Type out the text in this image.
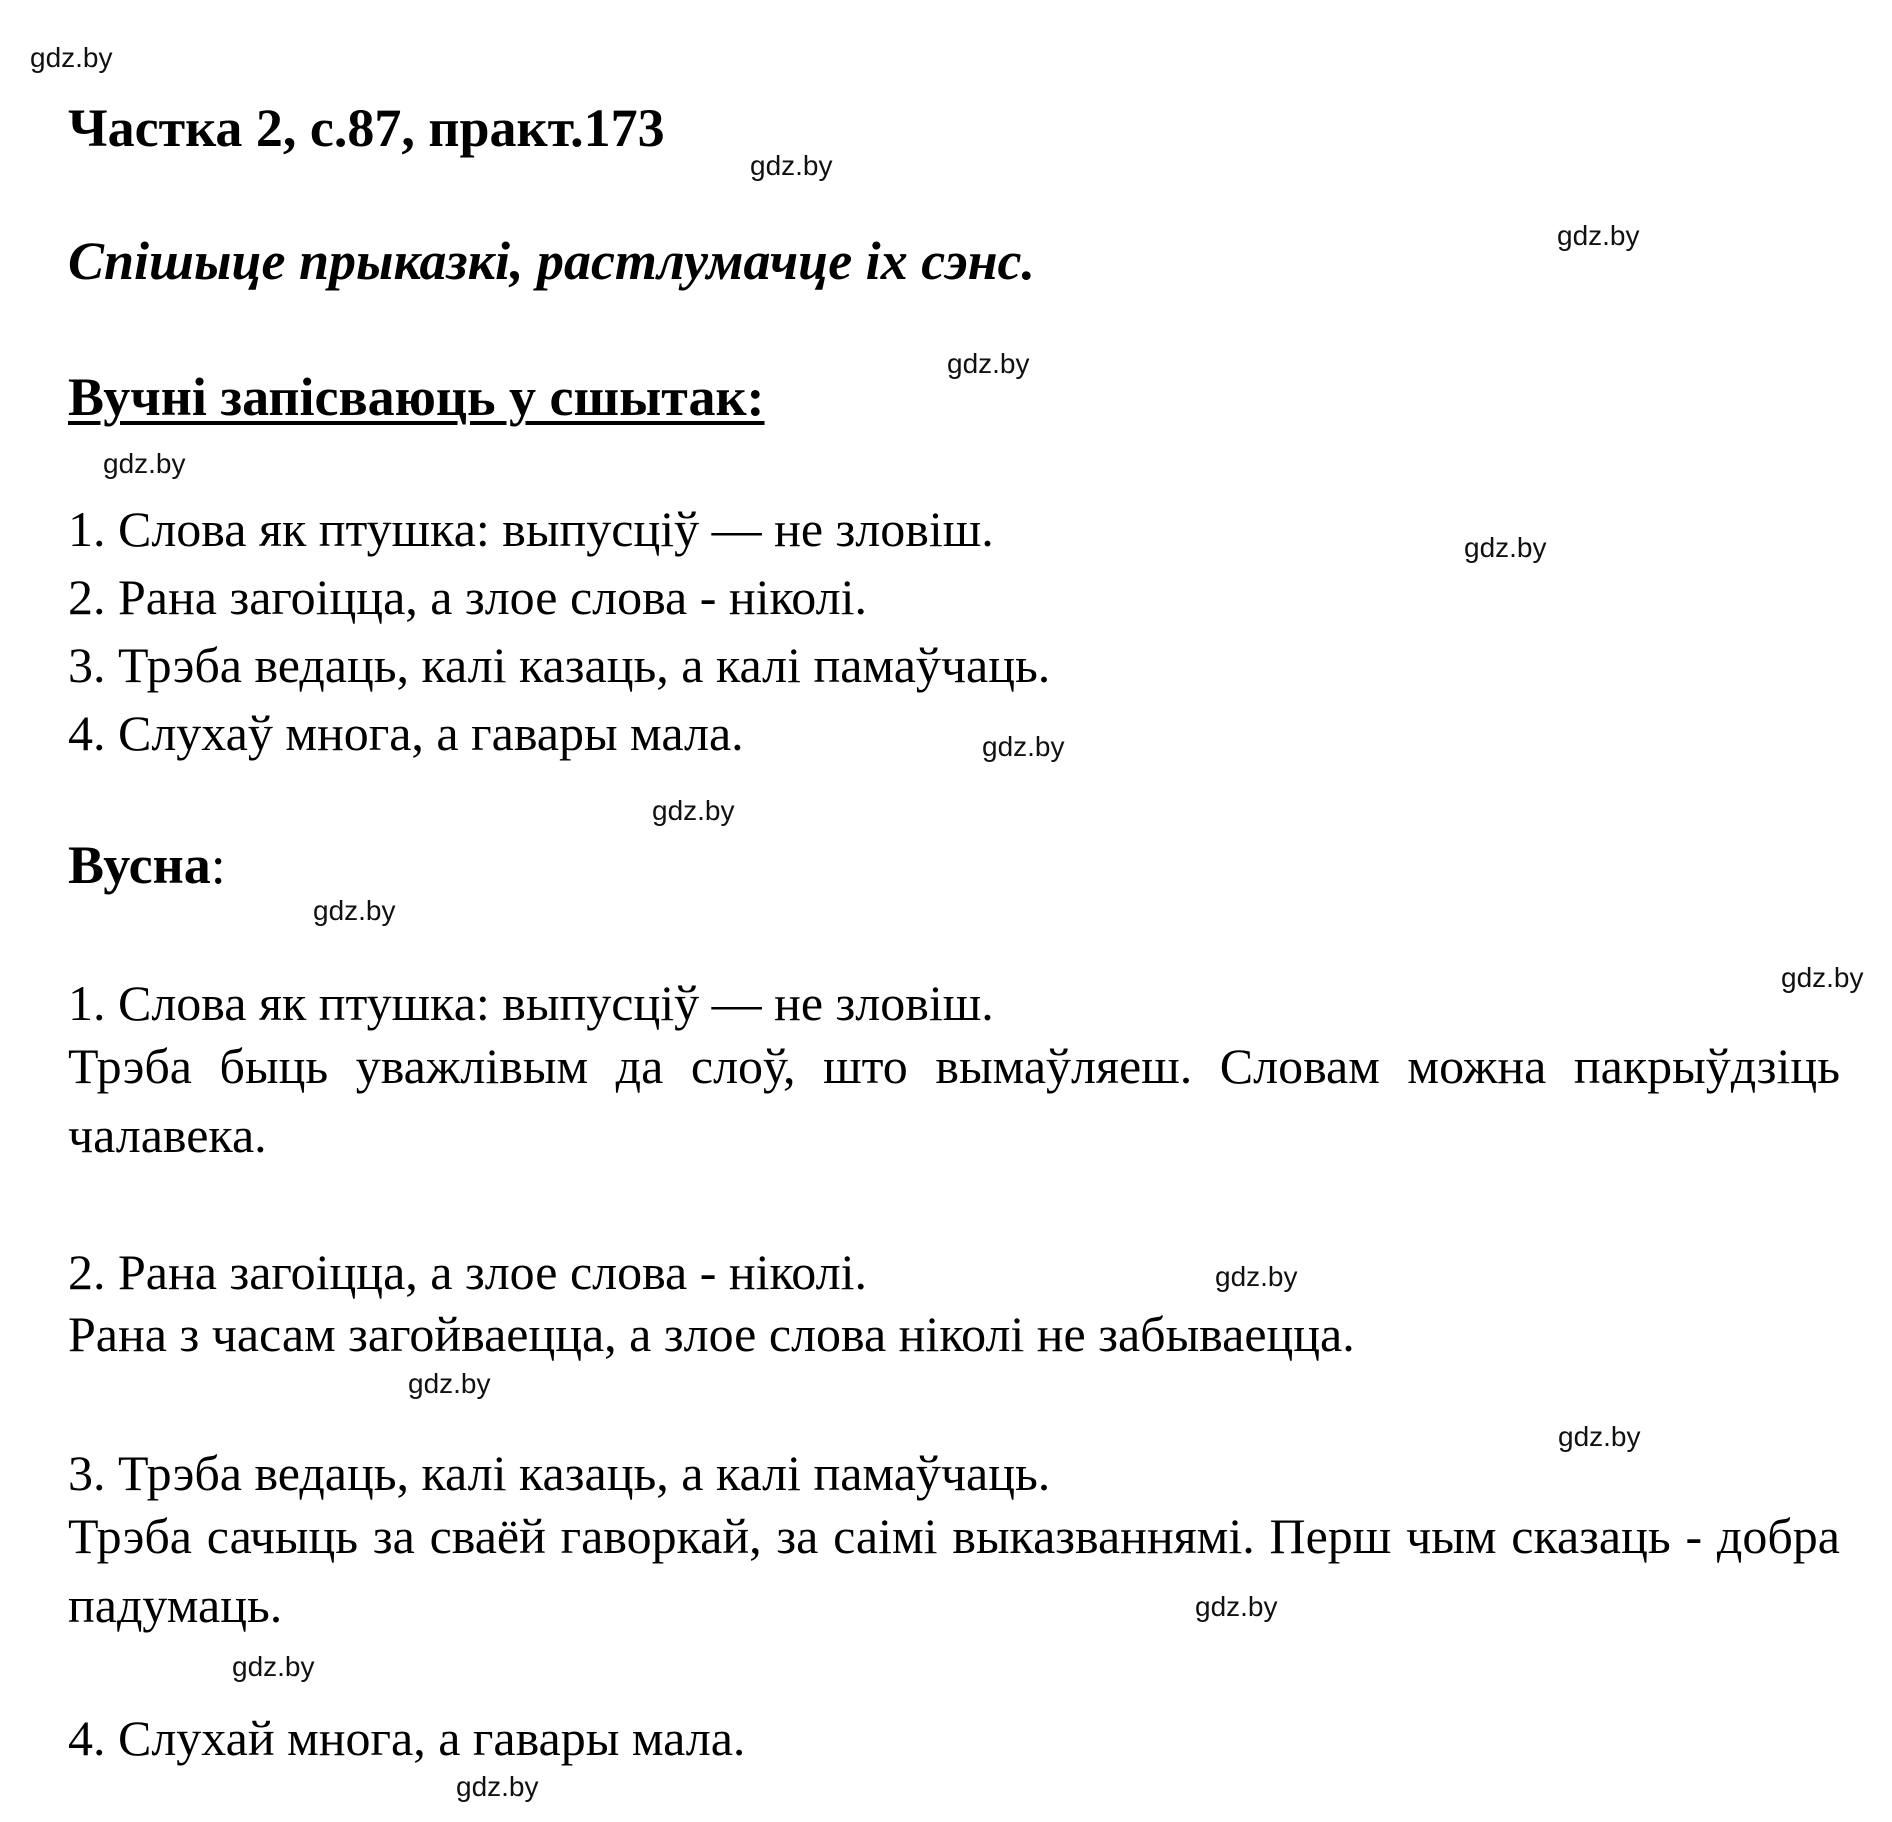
gdz.by
gdz.by
gdz.by
gdz.by
gdz.by
gdz.by
gdz.by
gdz.by
gdz.by
gdz.by
gdz.by
gdz.by
gdz.by
gdz.by
gdz.by
gdz.by
Частка 2, с.87, практ.173
Спішыце прыказкі, растлумачце іх сэнс.
Вучні запісваюць у сшытак:
1. Слова як птушка: выпусціў — не зловіш.
2. Рана загоіцца, а злое слова - ніколі.
3. Трэба ведаць, калі казаць, а калі памаўчаць.
4. Слухаў многа, а гавары мала.
Вусна:
1. Слова як птушка: выпусціў — не зловіш.
Трэба быць уважлівым да слоў, што вымаўляеш. Словам можна пакрыўдзіць чалавека.
2. Рана загоіцца, а злое слова - ніколі.
Рана з часам загойваецца, а злое слова ніколі не забываецца.
3. Трэба ведаць, калі казаць, а калі памаўчаць.
Трэба сачыць за сваёй гаворкай, за саімі выказваннямі. Перш чым сказаць - добра падумаць.
4. Слухай многа, а гавары мала.
